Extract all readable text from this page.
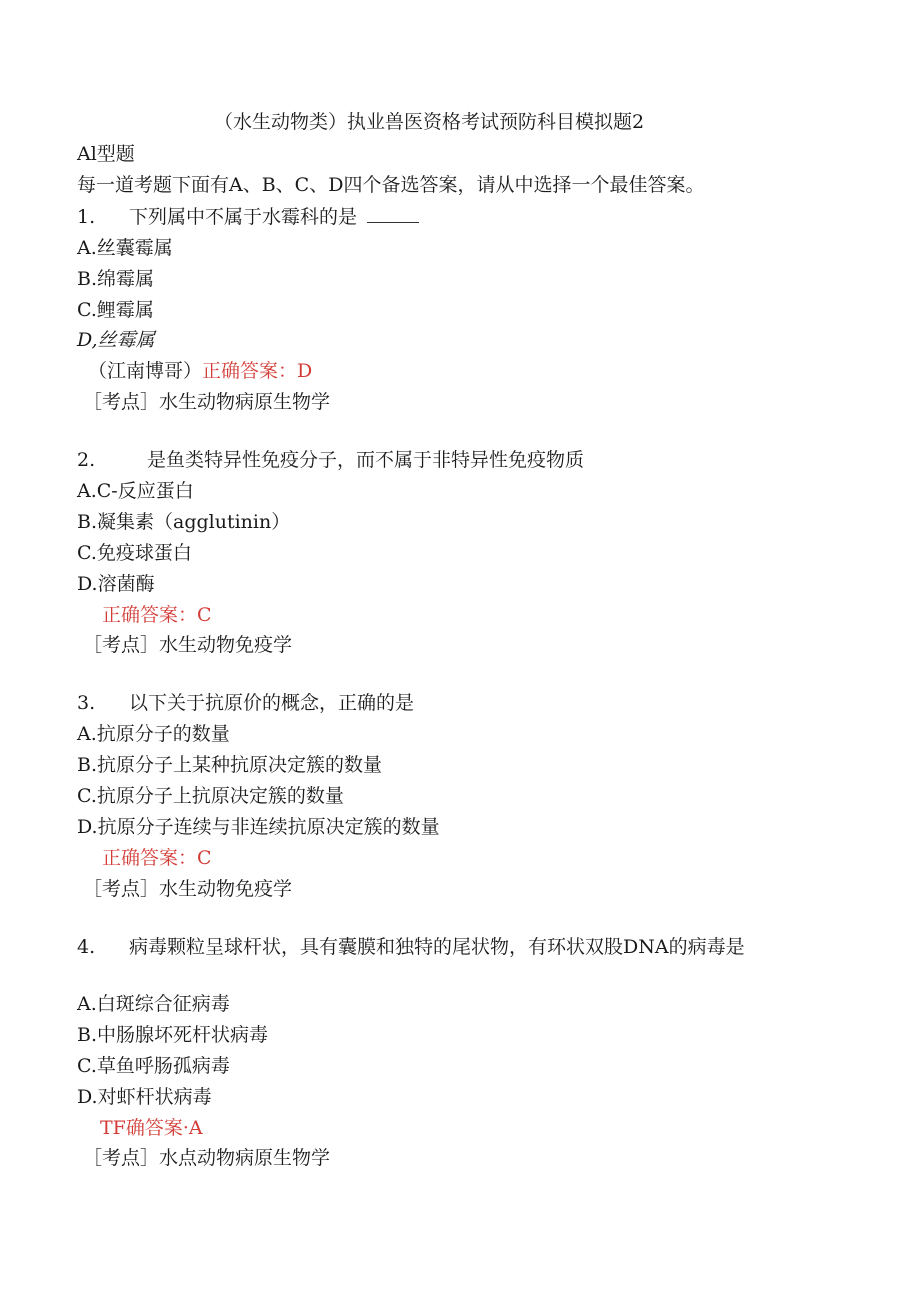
（水生动物类）执业兽医资格考试预防科目模拟题2
Al型题
每一道考题下面有A、B、C、D四个备选答案，请从中选择一个最佳答案。
1. 下列属中不属于水霉科的是
A.丝囊霉属
B.绵霉属
C.鲤霉属
D,丝霉属
（江南博哥）正确答案：D
［考点］水生动物病原生物学
2.	是鱼类特异性免疫分子，而不属于非特异性免疫物质
A.C-反应蛋白
B.凝集素（agglutinin）
C.免疫球蛋白
D.溶菌酶
正确答案：C
［考点］水生动物免疫学
3. 以下关于抗原价的概念，正确的是
A.抗原分子的数量
B.抗原分子上某种抗原决定簇的数量
C.抗原分子上抗原决定簇的数量
D.抗原分子连续与非连续抗原决定簇的数量
正确答案：C
［考点］水生动物免疫学
4. 病毒颗粒呈球杆状，具有囊膜和独特的尾状物，有环状双股DNA的病毒是
A.白斑综合征病毒
B.中肠腺坏死杆状病毒
C.草鱼呼肠孤病毒
D.对虾杆状病毒
TF确答案·A
［考点］水点动物病原生物学
